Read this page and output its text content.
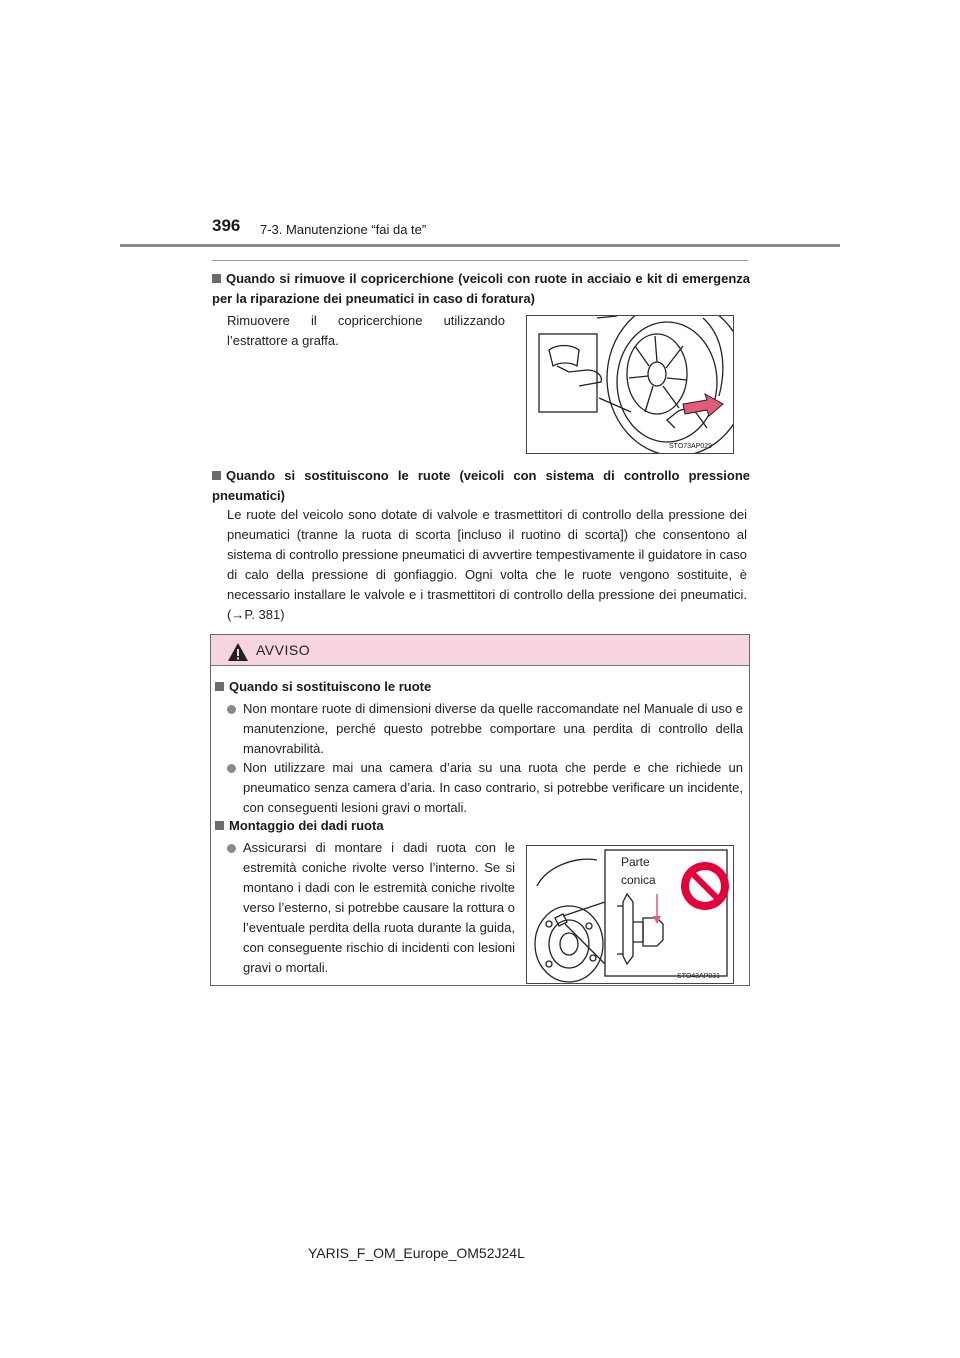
396 7-3. Manutenzione “fai da te”
Quando si rimuove il copricerchione (veicoli con ruote in acciaio e kit di emergenza per la riparazione dei pneumatici in caso di foratura)
Rimuovere il copricerchione utilizzando l’estrattore a graffa.
STO73AP029
Quando si sostituiscono le ruote (veicoli con sistema di controllo pressione pneumatici)
Le ruote del veicolo sono dotate di valvole e trasmettitori di controllo della pressione dei pneumatici (tranne la ruota di scorta [incluso il ruotino di scorta]) che consentono al sistema di controllo pressione pneumatici di avvertire tempestivamente il guidatore in caso di calo della pressione di gonfiaggio. Ogni volta che le ruote vengono sostituite, è necessario installare le valvole e i trasmettitori di controllo della pressione dei pneumatici. (→P. 381)
AVVISO
Quando si sostituiscono le ruote
Non montare ruote di dimensioni diverse da quelle raccomandate nel Manuale di uso e manutenzione, perché questo potrebbe comportare una perdita di controllo della manovrabilità.
Non utilizzare mai una camera d’aria su una ruota che perde e che richiede un pneumatico senza camera d’aria. In caso contrario, si potrebbe verificare un incidente, con conseguenti lesioni gravi o mortali.
Montaggio dei dadi ruota
Assicurarsi di montare i dadi ruota con le estremità coniche rivolte verso l’interno. Se si montano i dadi con le estremità coniche rivolte verso l’esterno, si potrebbe causare la rottura o l’eventuale perdita della ruota durante la guida, con conseguente rischio di incidenti con lesioni gravi o mortali.
Parte
conica
STO43AP031
YARIS_F_OM_Europe_OM52J24L
